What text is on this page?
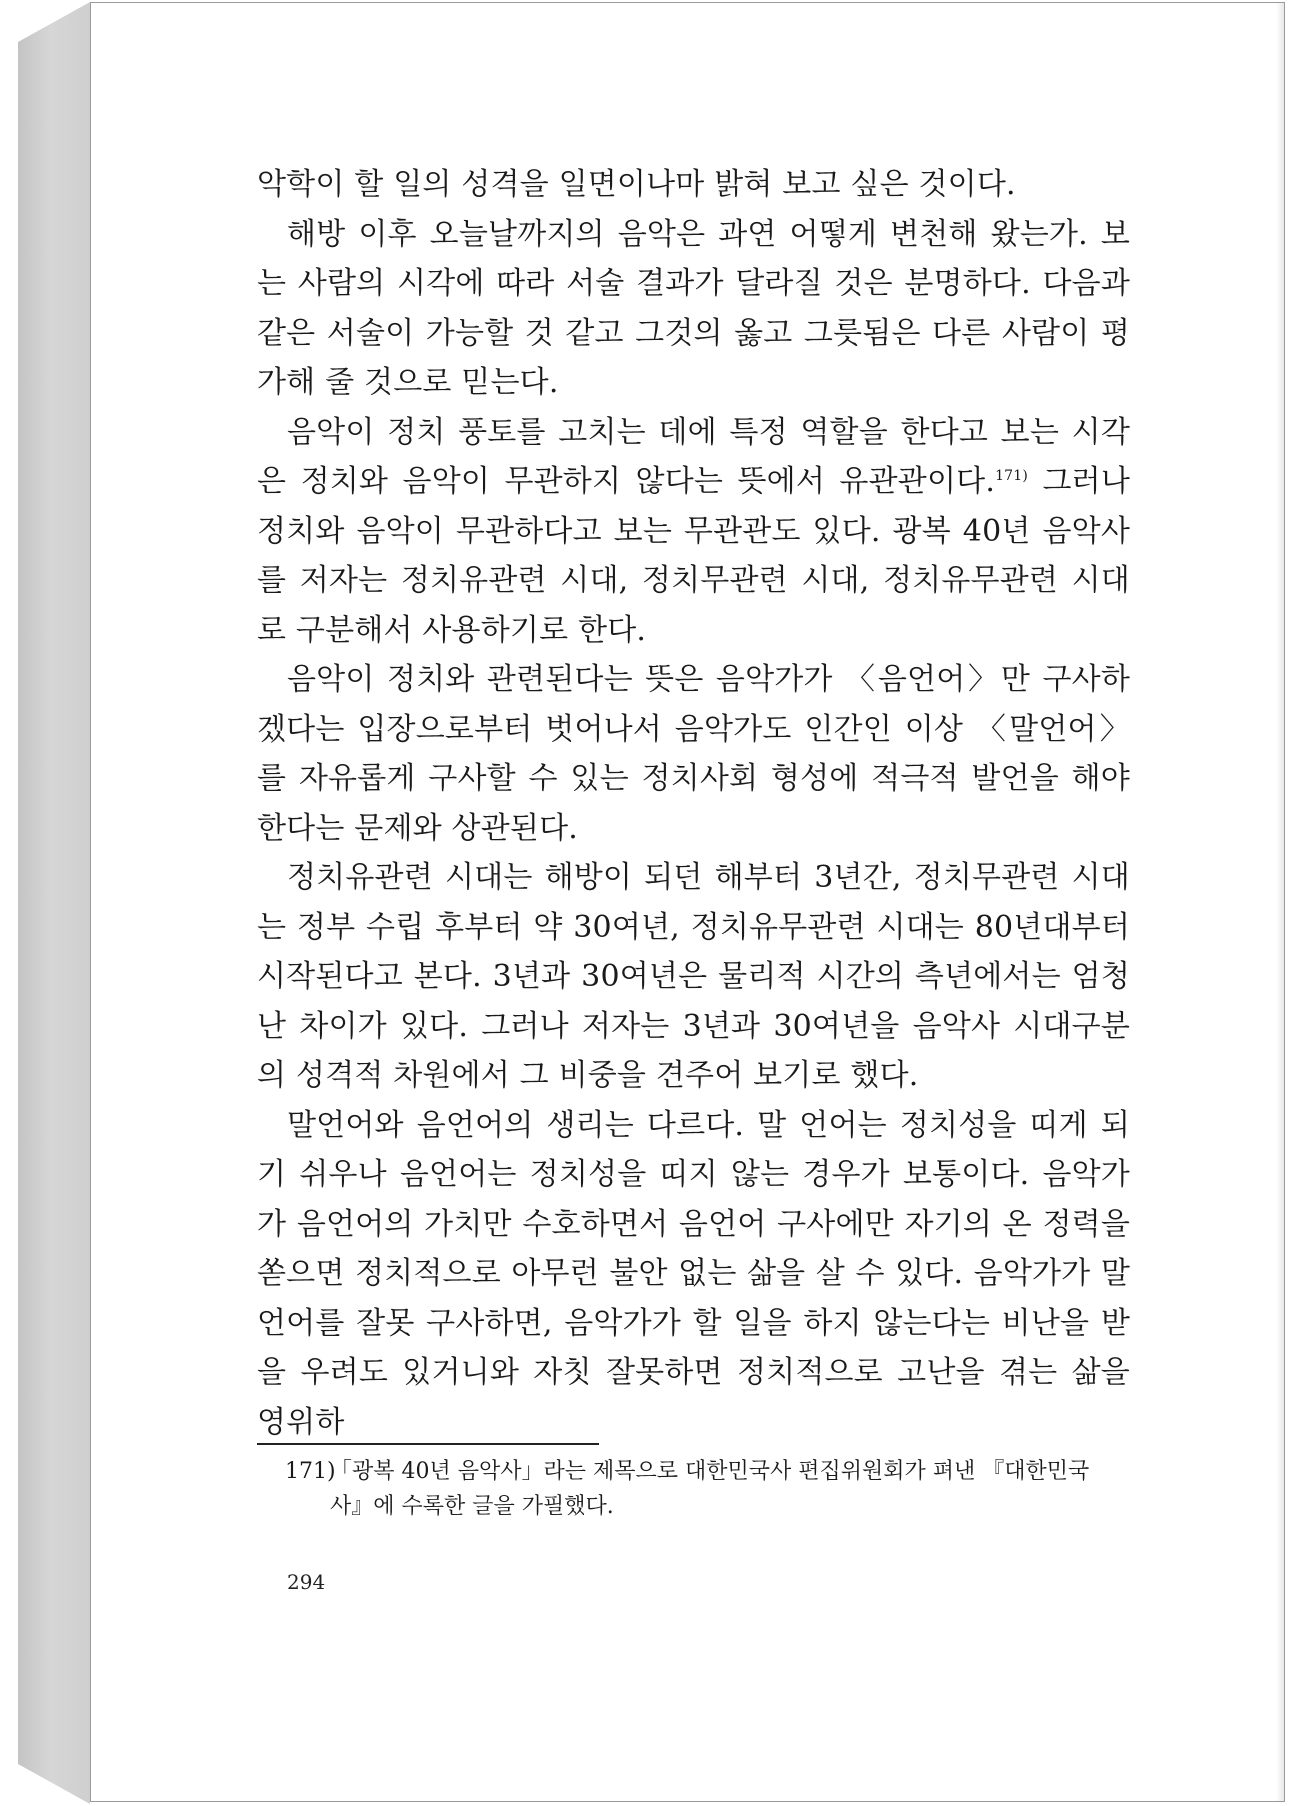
악학이 할 일의 성격을 일면이나마 밝혀 보고 싶은 것이다.

해방 이후 오늘날까지의 음악은 과연 어떻게 변천해 왔는가. 보는 사람의 시각에 따라 서술 결과가 달라질 것은 분명하다. 다음과 같은 서술이 가능할 것 같고 그것의 옳고 그릇됨은 다른 사람이 평가해 줄 것으로 믿는다.

음악이 정치 풍토를 고치는 데에 특정 역할을 한다고 보는 시각은 정치와 음악이 무관하지 않다는 뜻에서 유관관이다.$^{171)}$ 그러나 정치와 음악이 무관하다고 보는 무관관도 있다. 광복 40년 음악사를 저자는 정치유관련 시대, 정치무관련 시대, 정치유무관련 시대로 구분해서 사용하기로 한다.

음악이 정치와 관련된다는 뜻은 음악가가 〈음언어〉만 구사하겠다는 입장으로부터 벗어나서 음악가도 인간인 이상 〈말언어〉를 자유롭게 구사할 수 있는 정치사회 형성에 적극적 발언을 해야 한다는 문제와 상관된다.

정치유관련 시대는 해방이 되던 해부터 3년간, 정치무관련 시대는 정부 수립 후부터 약 30여년, 정치유무관련 시대는 80년대부터 시작된다고 본다. 3년과 30여년은 물리적 시간의 측년에서는 엄청난 차이가 있다. 그러나 저자는 3년과 30여년을 음악사 시대구분의 성격적 차원에서 그 비중을 견주어 보기로 했다.

말언어와 음언어의 생리는 다르다. 말 언어는 정치성을 띠게 되기 쉬우나 음언어는 정치성을 띠지 않는 경우가 보통이다. 음악가가 음언어의 가치만 수호하면서 음언어 구사에만 자기의 온 정력을 쏟으면 정치적으로 아무런 불안 없는 삶을 살 수 있다. 음악가가 말언어를 잘못 구사하면, 음악가가 할 일을 하지 않는다는 비난을 받을 우려도 있거니와 자칫 잘못하면 정치적으로 고난을 겪는 삶을 영위하

171)「광복 40년 음악사」라는 제목으로 대한민국사 편집위원회가 펴낸 『대한민국
사』에 수록한 글을 가필했다.
294
